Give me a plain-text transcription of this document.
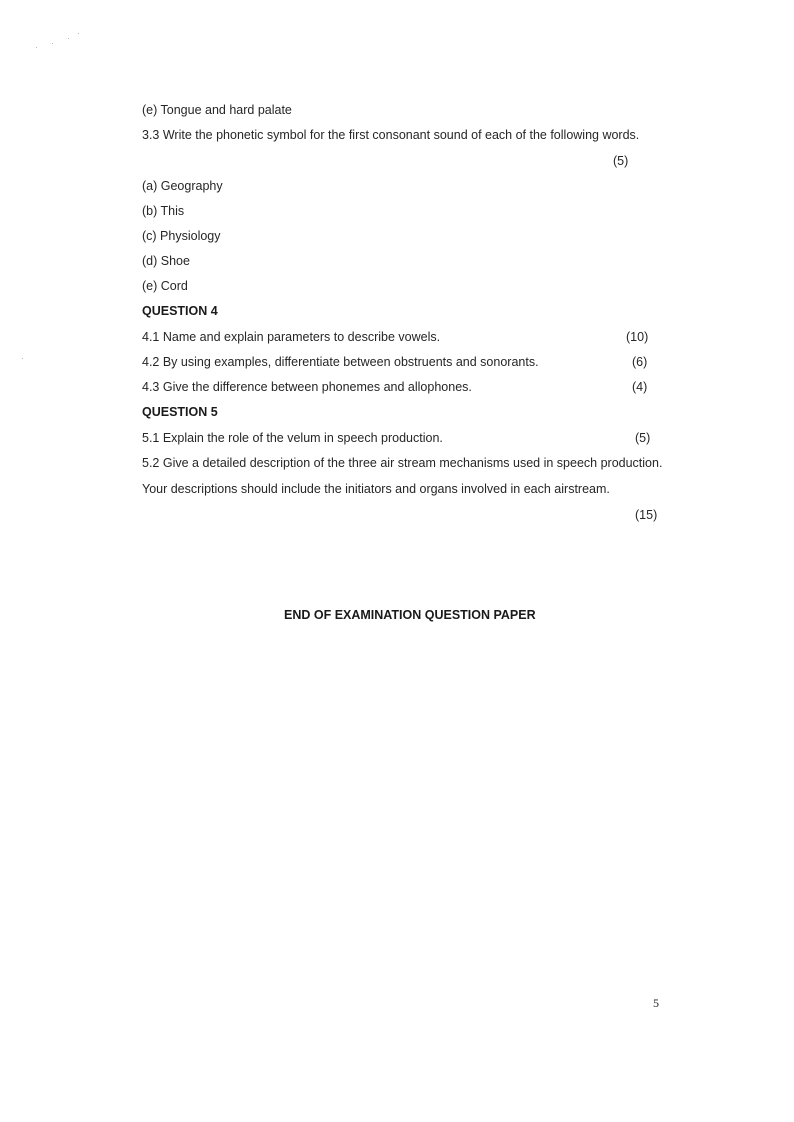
(e) Tongue and hard palate
3.3 Write the phonetic symbol for the first consonant sound of each of the following words.
(5)
(a) Geography
(b) This
(c) Physiology
(d) Shoe
(e) Cord
QUESTION 4
4.1 Name and explain parameters to describe vowels.	(10)
4.2 By using examples, differentiate between obstruents and sonorants.	(6)
4.3 Give the difference between phonemes and allophones.	(4)
QUESTION 5
5.1 Explain the role of the velum in speech production.	(5)
5.2 Give a detailed description of the three air stream mechanisms used in speech production.
Your descriptions should include the initiators and organs involved in each airstream.
(15)
END OF EXAMINATION QUESTION PAPER
5
